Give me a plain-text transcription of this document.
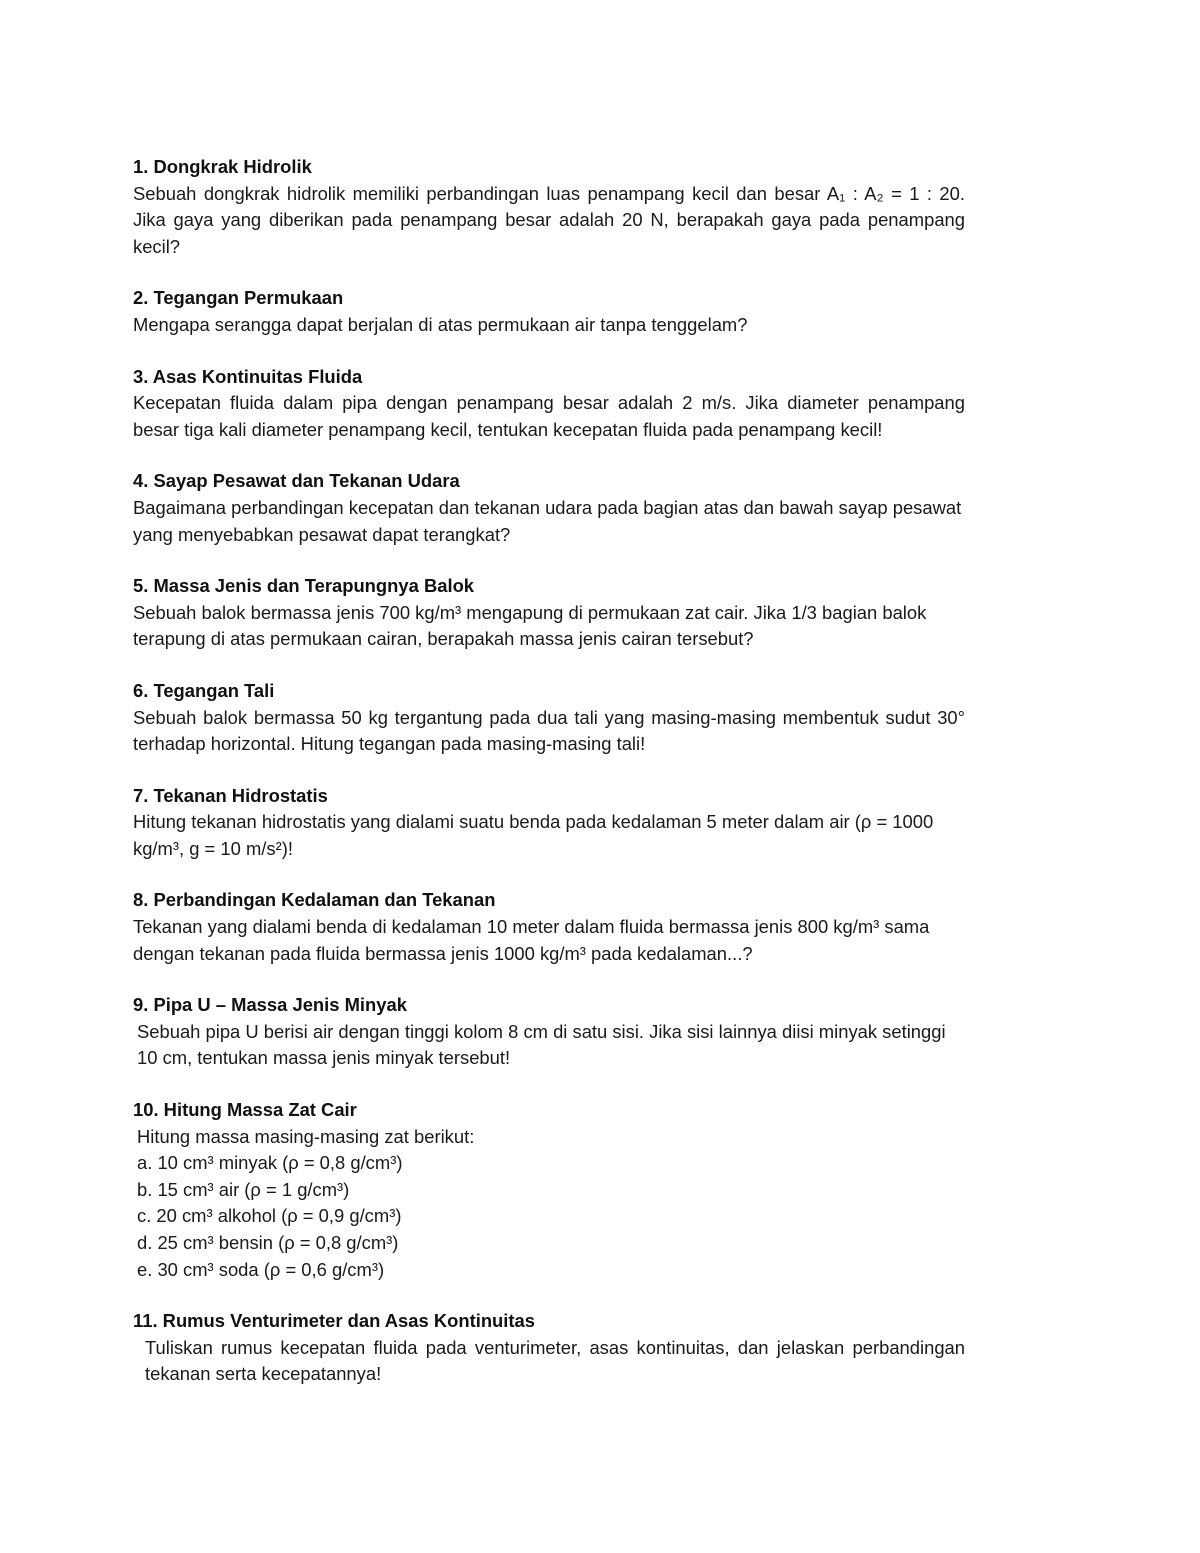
1. Dongkrak Hidrolik
Sebuah dongkrak hidrolik memiliki perbandingan luas penampang kecil dan besar A₁ : A₂ = 1 : 20. Jika gaya yang diberikan pada penampang besar adalah 20 N, berapakah gaya pada penampang kecil?
2. Tegangan Permukaan
Mengapa serangga dapat berjalan di atas permukaan air tanpa tenggelam?
3. Asas Kontinuitas Fluida
Kecepatan fluida dalam pipa dengan penampang besar adalah 2 m/s. Jika diameter penampang besar tiga kali diameter penampang kecil, tentukan kecepatan fluida pada penampang kecil!
4. Sayap Pesawat dan Tekanan Udara
Bagaimana perbandingan kecepatan dan tekanan udara pada bagian atas dan bawah sayap pesawat yang menyebabkan pesawat dapat terangkat?
5. Massa Jenis dan Terapungnya Balok
Sebuah balok bermassa jenis 700 kg/m³ mengapung di permukaan zat cair. Jika 1/3 bagian balok terapung di atas permukaan cairan, berapakah massa jenis cairan tersebut?
6. Tegangan Tali
Sebuah balok bermassa 50 kg tergantung pada dua tali yang masing-masing membentuk sudut 30° terhadap horizontal. Hitung tegangan pada masing-masing tali!
7. Tekanan Hidrostatis
Hitung tekanan hidrostatis yang dialami suatu benda pada kedalaman 5 meter dalam air (ρ = 1000 kg/m³, g = 10 m/s²)!
8. Perbandingan Kedalaman dan Tekanan
Tekanan yang dialami benda di kedalaman 10 meter dalam fluida bermassa jenis 800 kg/m³ sama dengan tekanan pada fluida bermassa jenis 1000 kg/m³ pada kedalaman...?
9. Pipa U – Massa Jenis Minyak
Sebuah pipa U berisi air dengan tinggi kolom 8 cm di satu sisi. Jika sisi lainnya diisi minyak setinggi 10 cm, tentukan massa jenis minyak tersebut!
10. Hitung Massa Zat Cair
Hitung massa masing-masing zat berikut:
a. 10 cm³ minyak (ρ = 0,8 g/cm³)
b. 15 cm³ air (ρ = 1 g/cm³)
c. 20 cm³ alkohol (ρ = 0,9 g/cm³)
d. 25 cm³ bensin (ρ = 0,8 g/cm³)
e. 30 cm³ soda (ρ = 0,6 g/cm³)
11. Rumus Venturimeter dan Asas Kontinuitas
Tuliskan rumus kecepatan fluida pada venturimeter, asas kontinuitas, dan jelaskan perbandingan tekanan serta kecepatannya!
